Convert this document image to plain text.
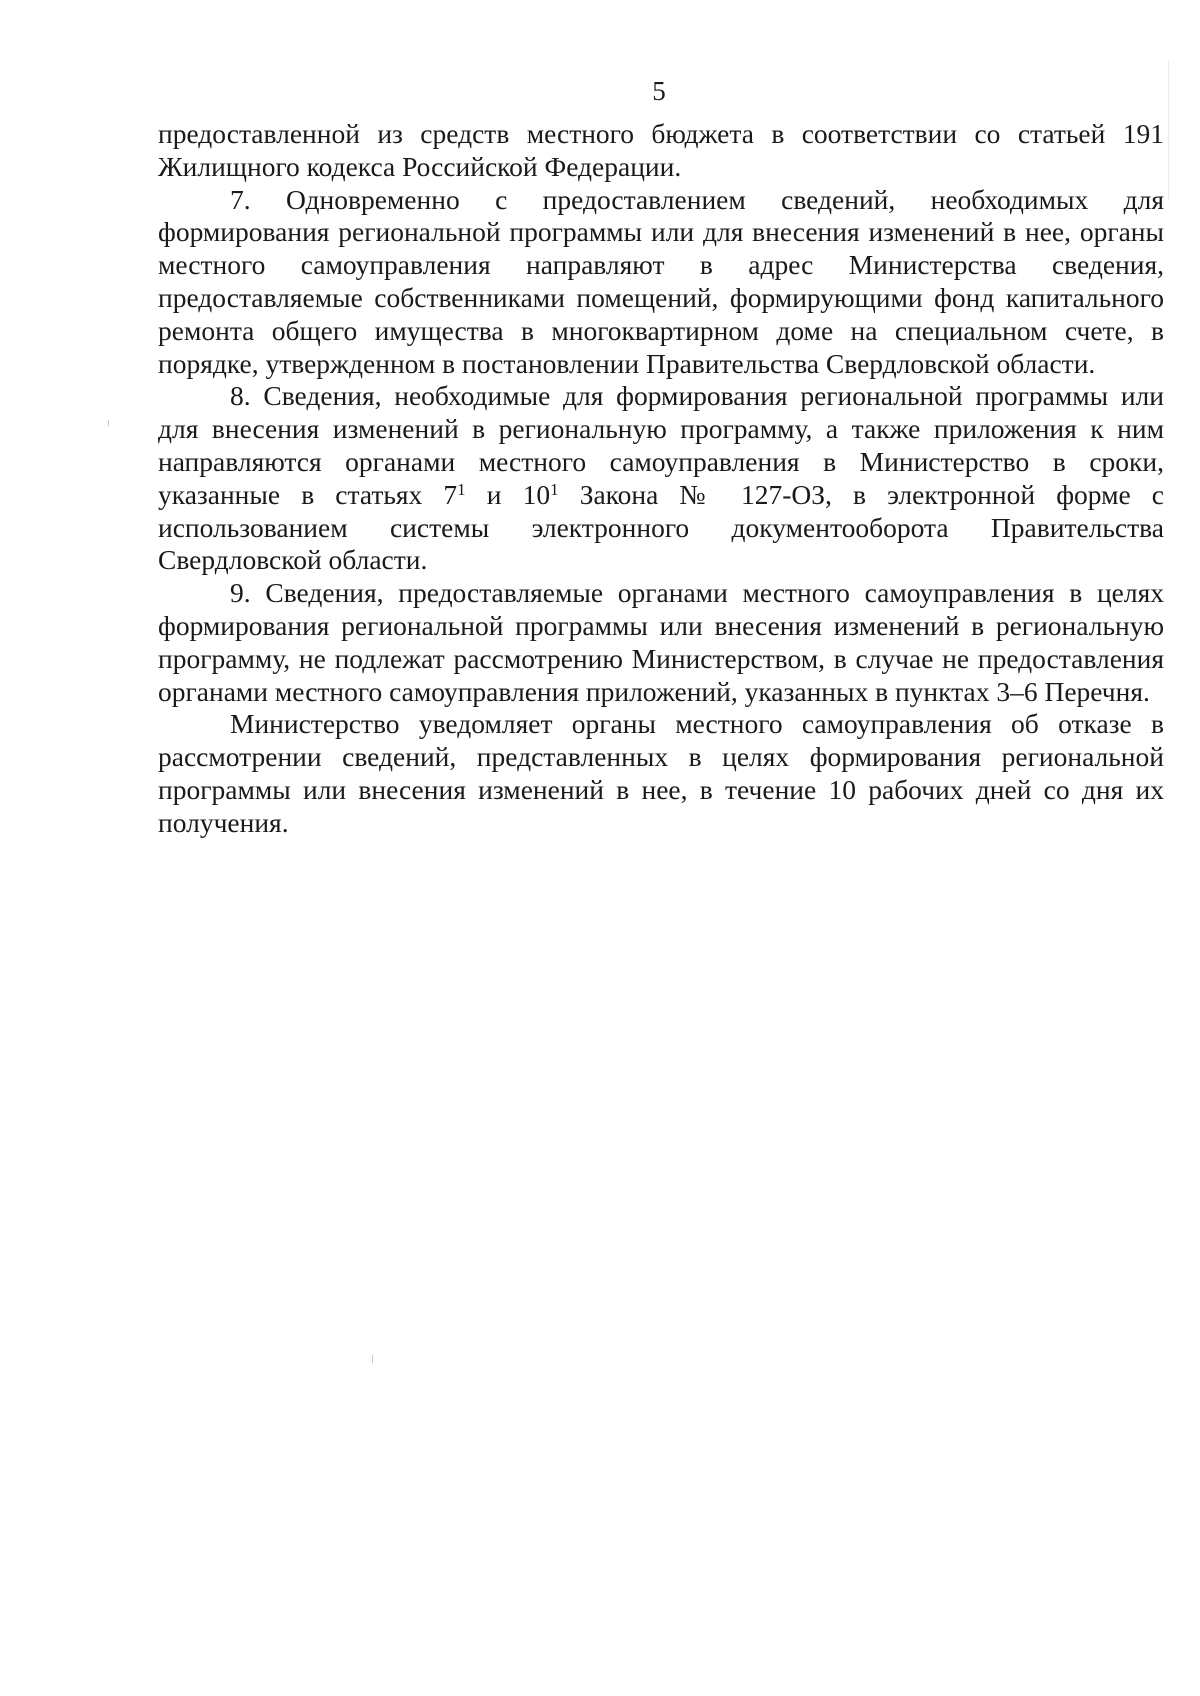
5

предоставленной из средств местного бюджета в соответствии со статьей 191 Жилищного кодекса Российской Федерации.

7. Одновременно с предоставлением сведений, необходимых для формирования региональной программы или для внесения изменений в нее, органы местного самоуправления направляют в адрес Министерства сведения, предоставляемые собственниками помещений, формирующими фонд капитального ремонта общего имущества в многоквартирном доме на специальном счете, в порядке, утвержденном в постановлении Правительства Свердловской области.

8. Сведения, необходимые для формирования региональной программы или для внесения изменений в региональную программу, а также приложения к ним направляются органами местного самоуправления в Министерство в сроки, указанные в статьях $7^1$ и $10^1$ Закона № 127-ОЗ, в электронной форме с использованием системы электронного документооборота Правительства Свердловской области.

9. Сведения, предоставляемые органами местного самоуправления в целях формирования региональной программы или внесения изменений в региональную программу, не подлежат рассмотрению Министерством, в случае не предоставления органами местного самоуправления приложений, указанных в пунктах 3–6 Перечня.

Министерство уведомляет органы местного самоуправления об отказе в рассмотрении сведений, представленных в целях формирования региональной программы или внесения изменений в нее, в течение 10 рабочих дней со дня их получения.
